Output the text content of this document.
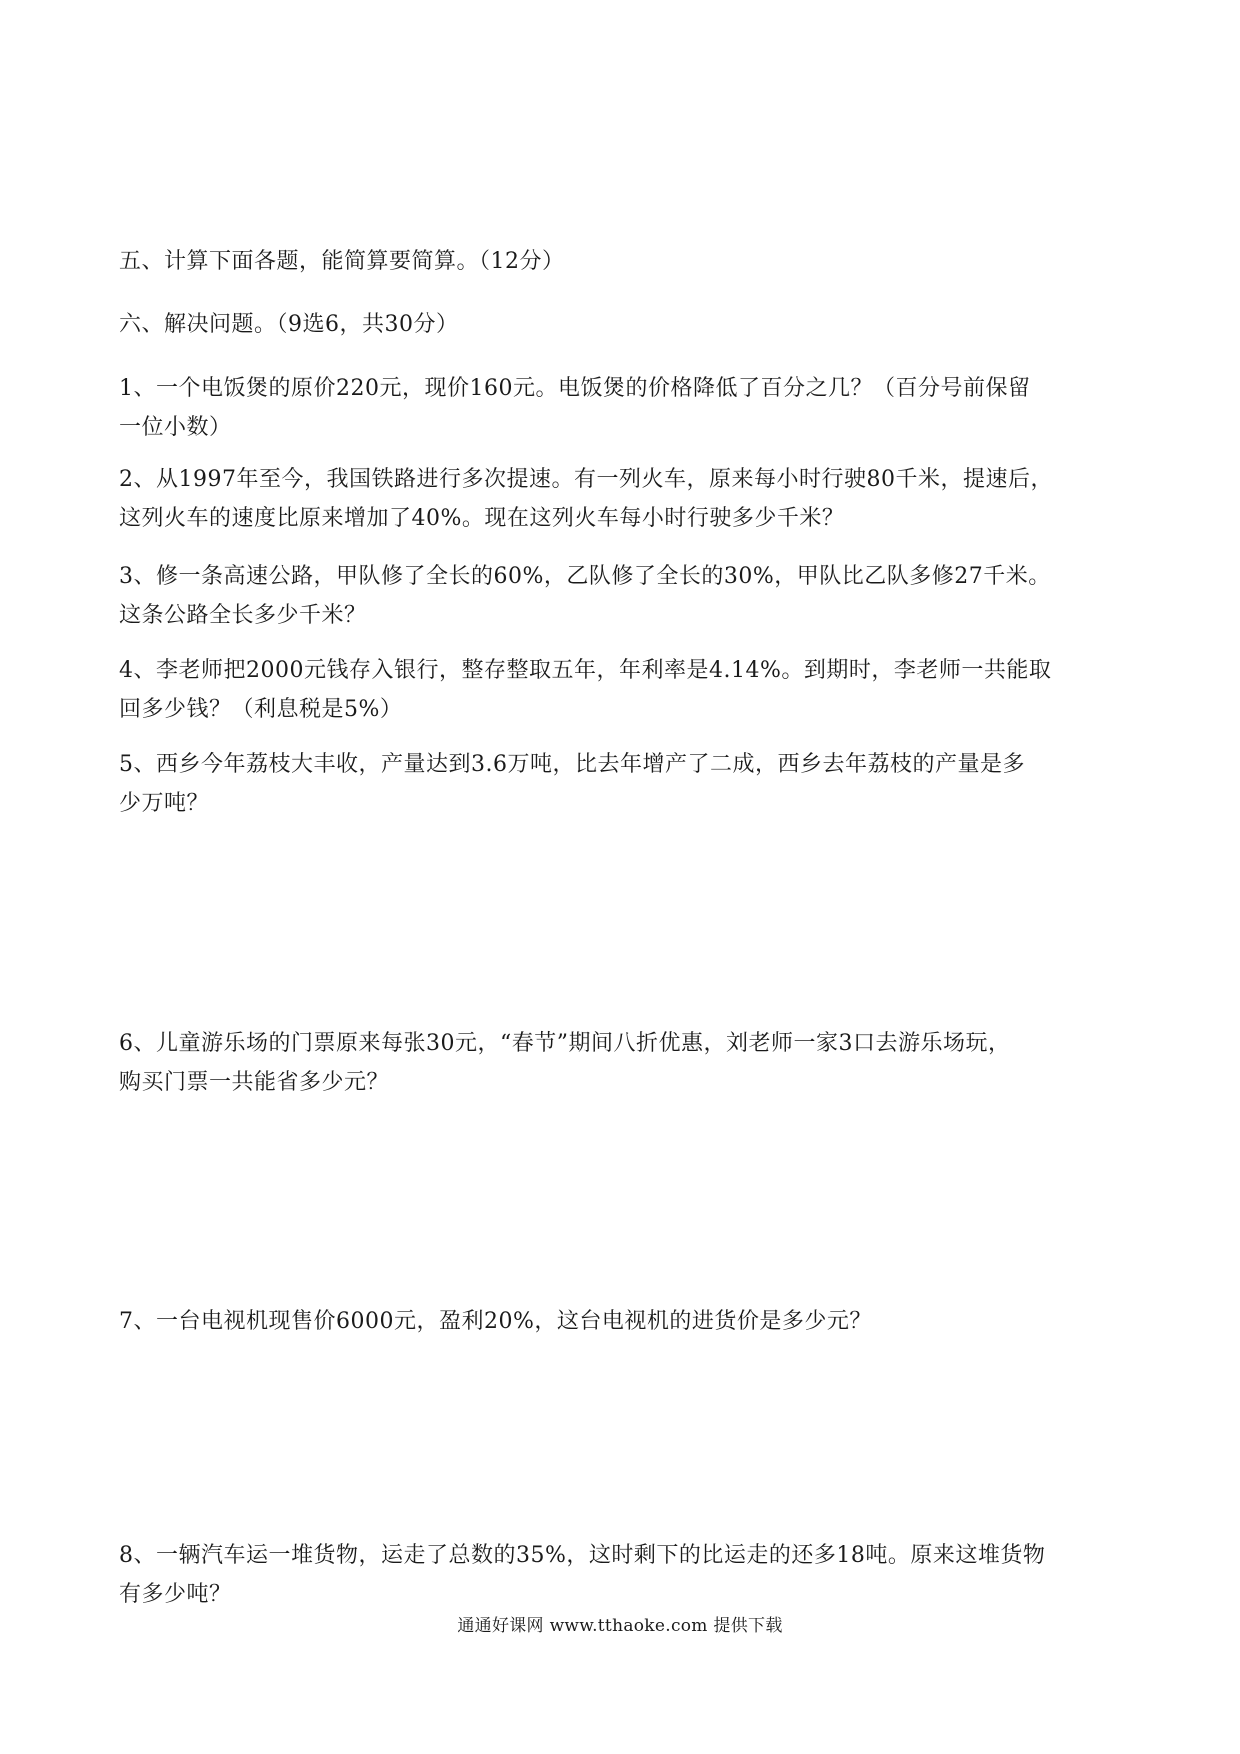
五、计算下面各题，能简算要简算。（12分）

六、解决问题。（9选6，共30分）

1、一个电饭煲的原价220元，现价160元。电饭煲的价格降低了百分之几？（百分号前保留
一位小数）

2、从1997年至今，我国铁路进行多次提速。有一列火车，原来每小时行驶80千米，提速后，
这列火车的速度比原来增加了40%。现在这列火车每小时行驶多少千米？

3、修一条高速公路，甲队修了全长的60%，乙队修了全长的30%，甲队比乙队多修27千米。
这条公路全长多少千米？

4、李老师把2000元钱存入银行，整存整取五年，年利率是4.14%。到期时，李老师一共能取
回多少钱？（利息税是5%）

5、西乡今年荔枝大丰收，产量达到3.6万吨，比去年增产了二成，西乡去年荔枝的产量是多
少万吨？

6、儿童游乐场的门票原来每张30元，“春节”期间八折优惠，刘老师一家3口去游乐场玩，
购买门票一共能省多少元？

7、一台电视机现售价6000元，盈利20%，这台电视机的进货价是多少元？

8、一辆汽车运一堆货物，运走了总数的35%，这时剩下的比运走的还多18吨。原来这堆货物
有多少吨？

通通好课网 www.tthaoke.com 提供下载
